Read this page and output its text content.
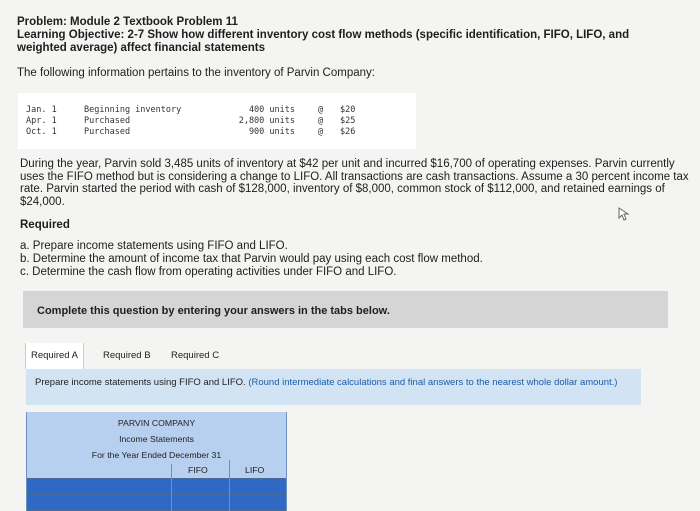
Problem: Module 2 Textbook Problem 11
Learning Objective: 2-7 Show how different inventory cost flow methods (specific identification, FIFO, LIFO, and weighted average) affect financial statements
The following information pertains to the inventory of Parvin Company:
Jan. 1	Beginning inventory	400 units	@ $20
Apr. 1	Purchased	2,800 units	@ $25
Oct. 1	Purchased	900 units	@ $26
During the year, Parvin sold 3,485 units of inventory at $42 per unit and incurred $16,700 of operating expenses. Parvin currently uses the FIFO method but is considering a change to LIFO. All transactions are cash transactions. Assume a 30 percent income tax rate. Parvin started the period with cash of $128,000, inventory of $8,000, common stock of $112,000, and retained earnings of $24,000.
Required
a. Prepare income statements using FIFO and LIFO.
b. Determine the amount of income tax that Parvin would pay using each cost flow method.
c. Determine the cash flow from operating activities under FIFO and LIFO.
Complete this question by entering your answers in the tabs below.
Required A	Required B	Required C
Prepare income statements using FIFO and LIFO. (Round intermediate calculations and final answers to the nearest whole dollar amount.)
PARVIN COMPANY
Income Statements
For the Year Ended December 31
FIFO	LIFO
